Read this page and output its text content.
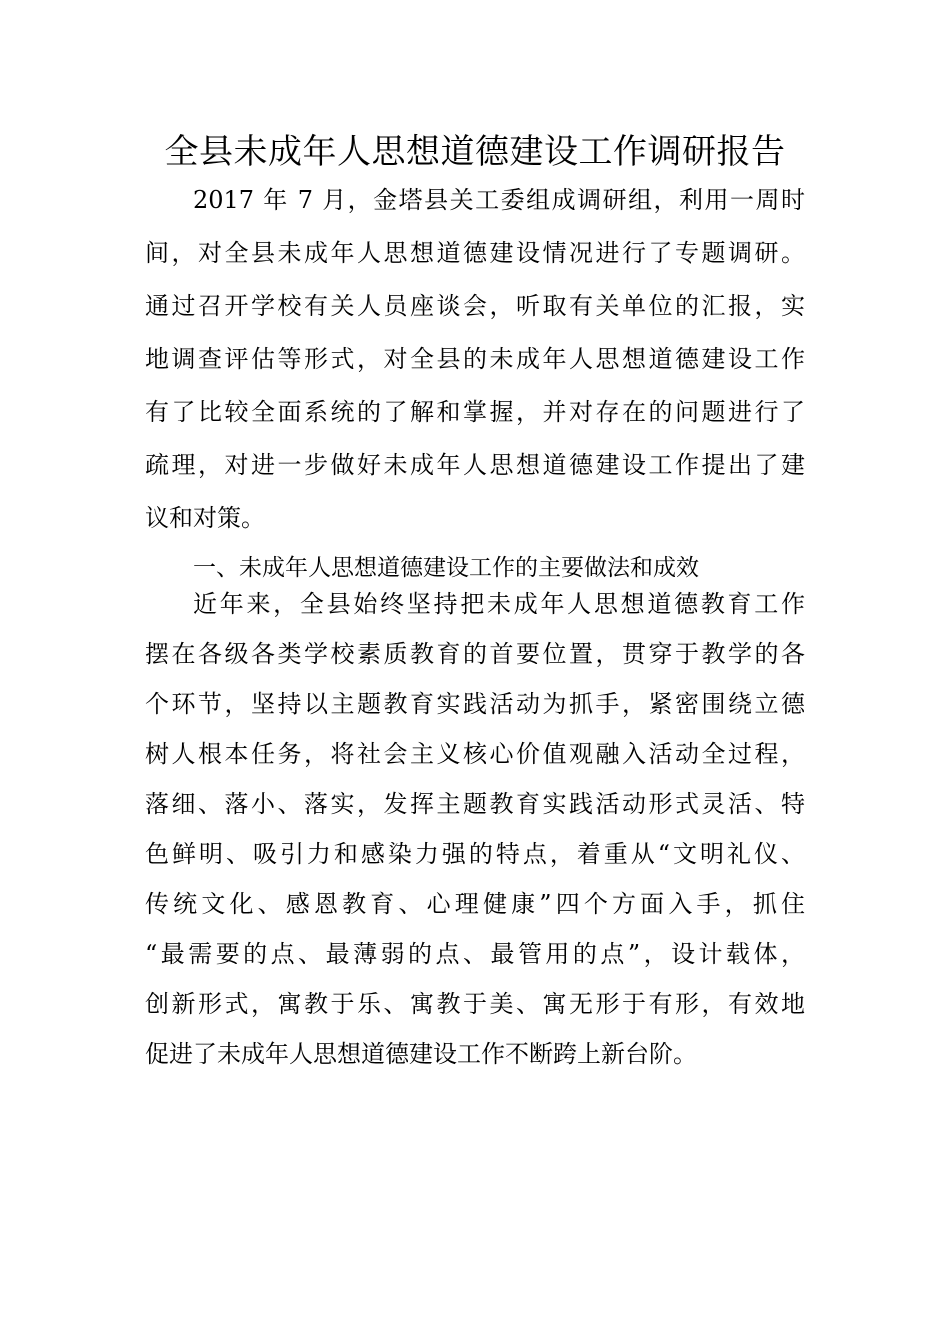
全县未成年人思想道德建设工作调研报告
2017 年 7 月，金塔县关工委组成调研组，利用一周时
间，对全县未成年人思想道德建设情况进行了专题调研。
通过召开学校有关人员座谈会，听取有关单位的汇报，实
地调查评估等形式，对全县的未成年人思想道德建设工作
有了比较全面系统的了解和掌握，并对存在的问题进行了
疏理，对进一步做好未成年人思想道德建设工作提出了建
议和对策。
一、未成年人思想道德建设工作的主要做法和成效
近年来，全县始终坚持把未成年人思想道德教育工作
摆在各级各类学校素质教育的首要位置，贯穿于教学的各
个环节，坚持以主题教育实践活动为抓手，紧密围绕立德
树人根本任务，将社会主义核心价值观融入活动全过程，
落细、落小、落实，发挥主题教育实践活动形式灵活、特
色鲜明、吸引力和感染力强的特点，着重从“文明礼仪、
传统文化、感恩教育、心理健康”四个方面入手，抓住
“最需要的点、最薄弱的点、最管用的点”，设计载体，
创新形式，寓教于乐、寓教于美、寓无形于有形，有效地
促进了未成年人思想道德建设工作不断跨上新台阶。
